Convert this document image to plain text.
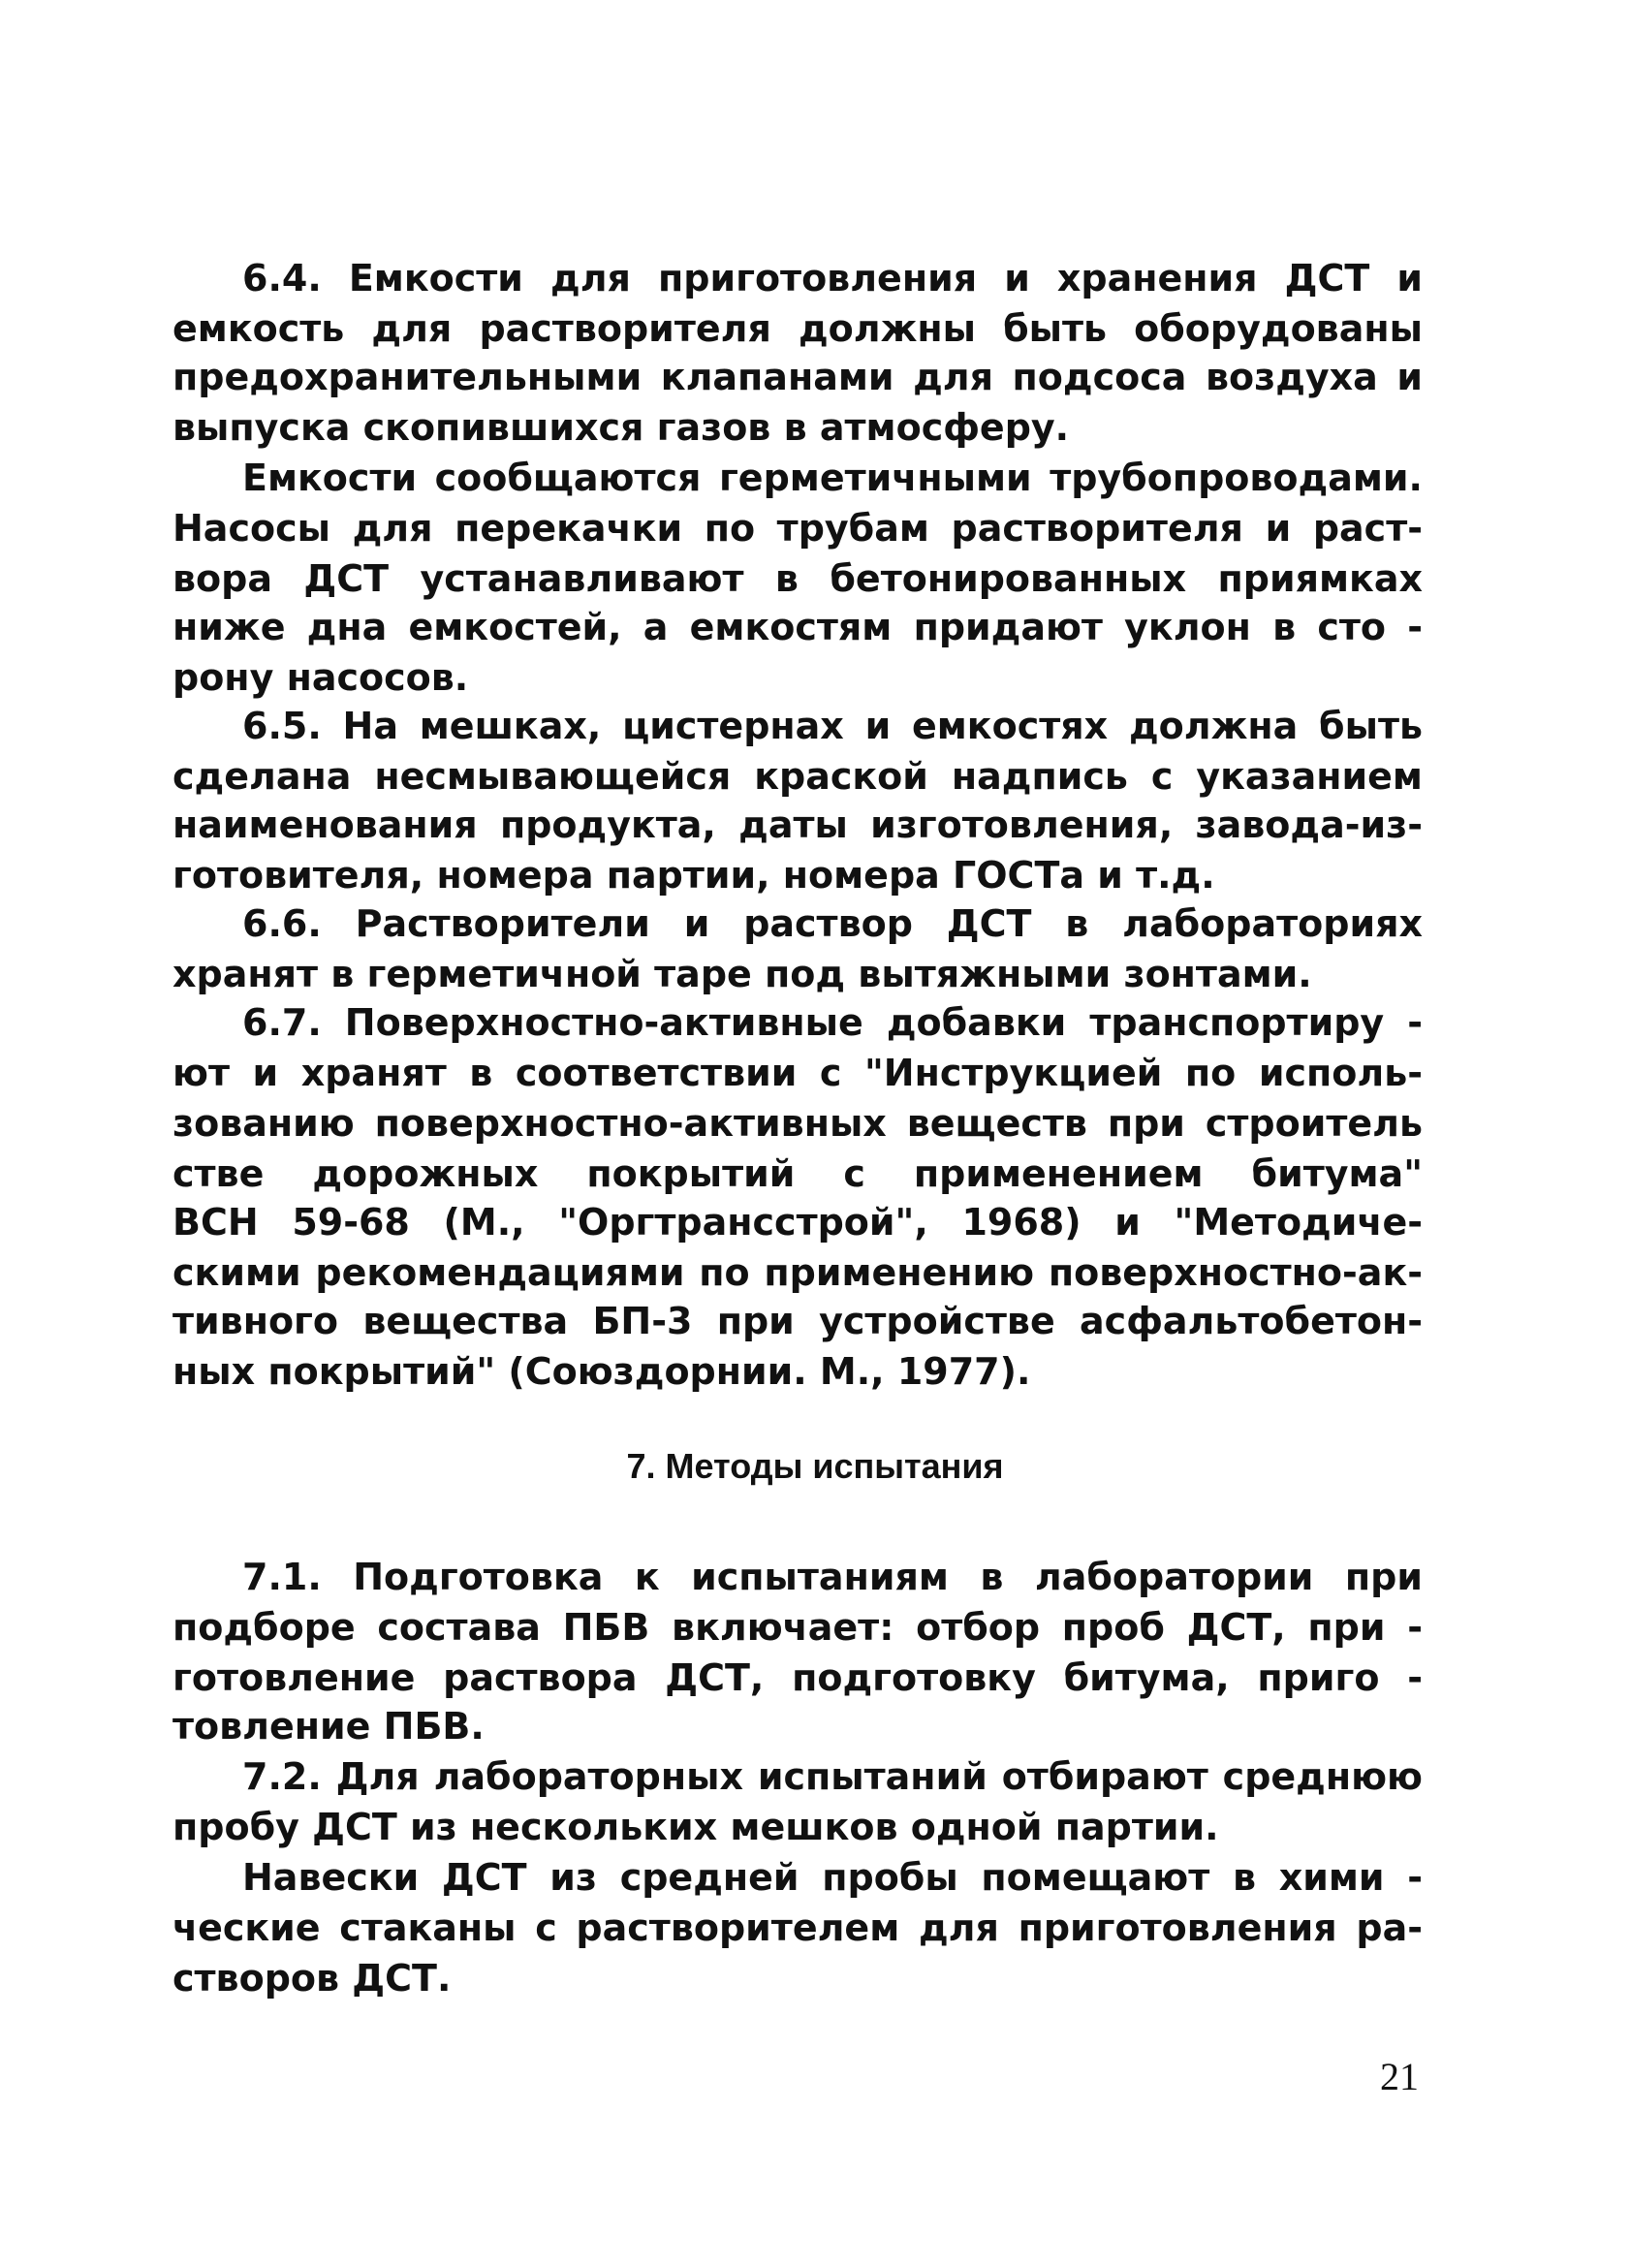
6.4. Емкости для приготовления и хранения ДСТ и
емкость для растворителя должны быть оборудованы
предохранительными клапанами для подсоса воздуха и
выпуска скопившихся газов в атмосферу.
Емкости сообщаются герметичными трубопроводами.
Насосы для перекачки по трубам растворителя и раст-
вора ДСТ устанавливают в бетонированных приямках
ниже дна емкостей, а емкостям придают уклон в сто -
рону насосов.
6.5. На мешках, цистернах и емкостях должна быть
сделана несмывающейся краской надпись с указанием
наименования продукта, даты изготовления, завода-из-
готовителя, номера партии, номера ГОСТа и т.д.
6.6. Растворители и раствор ДСТ в лабораториях
хранят в герметичной таре под вытяжными зонтами.
6.7. Поверхностно-активные добавки транспортиру -
ют и хранят в соответствии с "Инструкцией по исполь-
зованию поверхностно-активных веществ при строитель
стве дорожных покрытий с применением битума"
ВСН 59-68 (М., "Оргтрансстрой", 1968) и "Методиче-
скими рекомендациями по применению поверхностно-ак-
тивного вещества БП-3 при устройстве асфальтобетон-
ных покрытий" (Союздорнии. М., 1977).
7. Методы испытания
7.1. Подготовка к испытаниям в лаборатории при
подборе состава ПБВ включает: отбор проб ДСТ, при -
готовление раствора ДСТ, подготовку битума, приго -
товление ПБВ.
7.2. Для лабораторных испытаний отбирают среднюю
пробу ДСТ из нескольких мешков одной партии.
Навески ДСТ из средней пробы помещают в хими -
ческие стаканы с растворителем для приготовления ра-
створов ДСТ.
21
